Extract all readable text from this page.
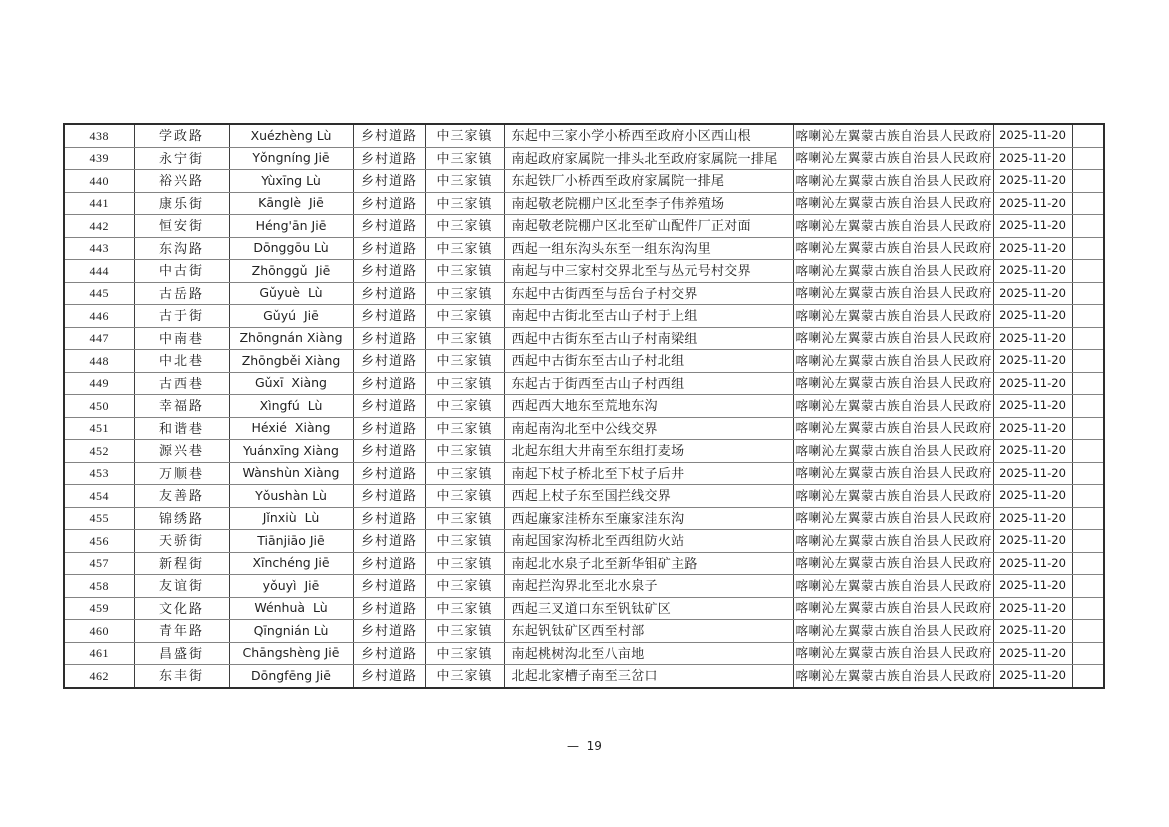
438	学政路	Xuézhèng Lù	乡村道路	中三家镇	东起中三家小学小桥西至政府小区西山根	喀喇沁左翼蒙古族自治县人民政府	2025-11-20	
439	永宁街	Yǒngníng Jiē	乡村道路	中三家镇	南起政府家属院一排头北至政府家属院一排尾	喀喇沁左翼蒙古族自治县人民政府	2025-11-20	
440	裕兴路	Yùxīng Lù	乡村道路	中三家镇	东起铁厂小桥西至政府家属院一排尾	喀喇沁左翼蒙古族自治县人民政府	2025-11-20	
441	康乐街	Kānglè  Jiē	乡村道路	中三家镇	南起敬老院棚户区北至李子伟养殖场	喀喇沁左翼蒙古族自治县人民政府	2025-11-20	
442	恒安街	Héng'ān Jiē	乡村道路	中三家镇	南起敬老院棚户区北至矿山配件厂正对面	喀喇沁左翼蒙古族自治县人民政府	2025-11-20	
443	东沟路	Dōnggōu Lù	乡村道路	中三家镇	西起一组东沟头东至一组东沟沟里	喀喇沁左翼蒙古族自治县人民政府	2025-11-20	
444	中古街	Zhōnggǔ  Jiē	乡村道路	中三家镇	南起与中三家村交界北至与丛元号村交界	喀喇沁左翼蒙古族自治县人民政府	2025-11-20	
445	古岳路	Gǔyuè  Lù	乡村道路	中三家镇	东起中古街西至与岳台子村交界	喀喇沁左翼蒙古族自治县人民政府	2025-11-20	
446	古于街	Gǔyú  Jiē	乡村道路	中三家镇	南起中古街北至古山子村于上组	喀喇沁左翼蒙古族自治县人民政府	2025-11-20	
447	中南巷	Zhōngnán Xiàng	乡村道路	中三家镇	西起中古街东至古山子村南梁组	喀喇沁左翼蒙古族自治县人民政府	2025-11-20	
448	中北巷	Zhōngběi Xiàng	乡村道路	中三家镇	西起中古街东至古山子村北组	喀喇沁左翼蒙古族自治县人民政府	2025-11-20	
449	古西巷	Gǔxī  Xiàng	乡村道路	中三家镇	东起古于街西至古山子村西组	喀喇沁左翼蒙古族自治县人民政府	2025-11-20	
450	幸福路	Xìngfú  Lù	乡村道路	中三家镇	西起西大地东至荒地东沟	喀喇沁左翼蒙古族自治县人民政府	2025-11-20	
451	和谐巷	Héxié  Xiàng	乡村道路	中三家镇	南起南沟北至中公线交界	喀喇沁左翼蒙古族自治县人民政府	2025-11-20	
452	源兴巷	Yuánxīng Xiàng	乡村道路	中三家镇	北起东组大井南至东组打麦场	喀喇沁左翼蒙古族自治县人民政府	2025-11-20	
453	万顺巷	Wànshùn Xiàng	乡村道路	中三家镇	南起下杖子桥北至下杖子后井	喀喇沁左翼蒙古族自治县人民政府	2025-11-20	
454	友善路	Yǒushàn Lù	乡村道路	中三家镇	西起上杖子东至国拦线交界	喀喇沁左翼蒙古族自治县人民政府	2025-11-20	
455	锦绣路	Jǐnxiù  Lù	乡村道路	中三家镇	西起廉家洼桥东至廉家洼东沟	喀喇沁左翼蒙古族自治县人民政府	2025-11-20	
456	天骄街	Tiānjiāo Jiē	乡村道路	中三家镇	南起国家沟桥北至西组防火站	喀喇沁左翼蒙古族自治县人民政府	2025-11-20	
457	新程街	Xīnchéng Jiē	乡村道路	中三家镇	南起北水泉子北至新华钼矿主路	喀喇沁左翼蒙古族自治县人民政府	2025-11-20	
458	友谊街	yǒuyì  Jiē	乡村道路	中三家镇	南起拦沟界北至北水泉子	喀喇沁左翼蒙古族自治县人民政府	2025-11-20	
459	文化路	Wénhuà  Lù	乡村道路	中三家镇	西起三叉道口东至钒钛矿区	喀喇沁左翼蒙古族自治县人民政府	2025-11-20	
460	青年路	Qīngnián Lù	乡村道路	中三家镇	东起钒钛矿区西至村部	喀喇沁左翼蒙古族自治县人民政府	2025-11-20	
461	昌盛街	Chāngshèng Jiē	乡村道路	中三家镇	南起桃树沟北至八亩地	喀喇沁左翼蒙古族自治县人民政府	2025-11-20	
462	东丰街	Dōngfēng Jiē	乡村道路	中三家镇	北起北家槽子南至三岔口	喀喇沁左翼蒙古族自治县人民政府	2025-11-20	
—  19
